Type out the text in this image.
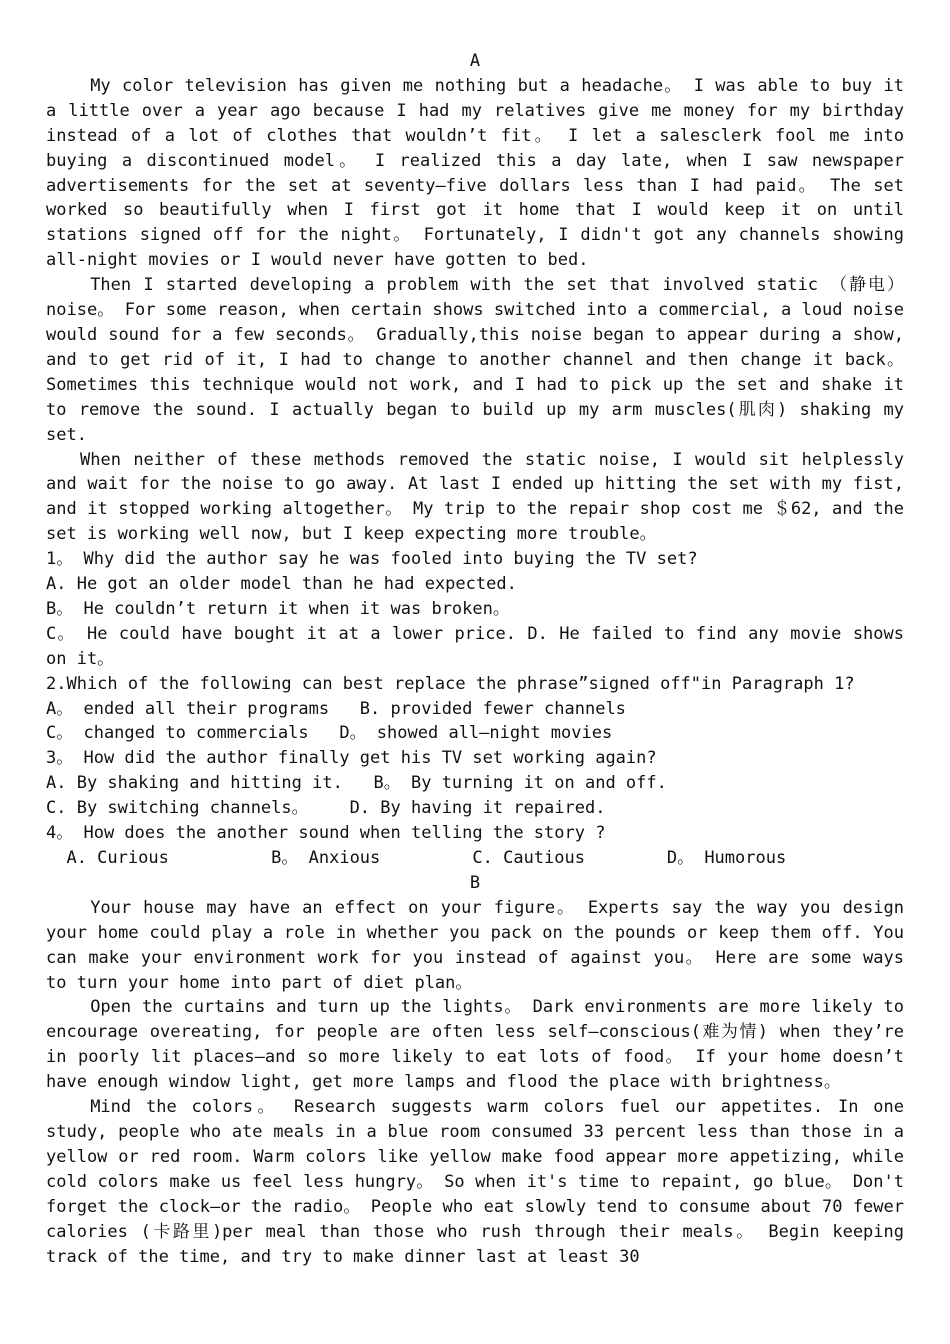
A

My color television has given me nothing but a headache。 I was able to buy it a little over a year ago because I had my relatives give me money for my birthday instead of a lot of clothes that wouldn’t fit。 I let a salesclerk fool me into buying a discontinued model。 I realized this a day late, when I saw newspaper advertisements for the set at seventy—five dollars less than I had paid。 The set worked so beautifully when I first got it home that I would keep it on until stations signed off for the night。 Fortunately, I didn't got any channels showing all-night movies or I would never have gotten to bed.

Then I started developing a problem with the set that involved static （静电） noise。 For some reason, when certain shows switched into a commercial, a loud noise would sound for a few seconds。 Gradually,this noise began to appear during a show, and to get rid of it, I had to change to another channel and then change it back。 Sometimes this technique would not work, and I had to pick up the set and shake it to remove the sound. I actually began to build up my arm muscles(肌肉) shaking my set.

When neither of these methods removed the static noise, I would sit helplessly and wait for the noise to go away. At last I ended up hitting the set with my fist, and it stopped working altogether。 My trip to the repair shop cost me ＄62, and the set is working well now, but I keep expecting more trouble。

1。 Why did the author say he was fooled into buying the TV set?

A. He got an older model than he had expected.

B。 He couldn’t return it when it was broken。

C。 He could have bought it at a lower price. D. He failed to find any movie shows on it。

2.Which of the following can best replace the phrase”signed off"in Paragraph 1?

A。 ended all their programs   B. provided fewer channels

C。 changed to commercials   D。 showed all—night movies

3。 How did the author finally get his TV set working again?

A. By shaking and hitting it.   B。 By turning it on and off.

C. By switching channels。    D. By having it repaired.

4。 How does the another sound when telling the story ?

A. Curious          B。 Anxious         C. Cautious        D。 Humorous

B

Your house may have an effect on your figure。 Experts say the way you design your home could play a role in whether you pack on the pounds or keep them off. You can make your environment work for you instead of against you。 Here are some ways to turn your home into part of diet plan。

Open the curtains and turn up the lights。 Dark environments are more likely to encourage overeating, for people are often less self—conscious(难为情) when they’re in poorly lit places—and so more likely to eat lots of food。 If your home doesn’t have enough window light, get more lamps and flood the place with brightness。

Mind the colors。 Research suggests warm colors fuel our appetites. In one study, people who ate meals in a blue room consumed 33 percent less than those in a yellow or red room. Warm colors like yellow make food appear more appetizing, while cold colors make us feel less hungry。 So when it's time to repaint, go blue。 Don't forget the clock—or the radio。 People who eat slowly tend to consume about 70 fewer calories (卡路里)per meal than those who rush through their meals。 Begin keeping track of the time, and try to make dinner last at least 30
